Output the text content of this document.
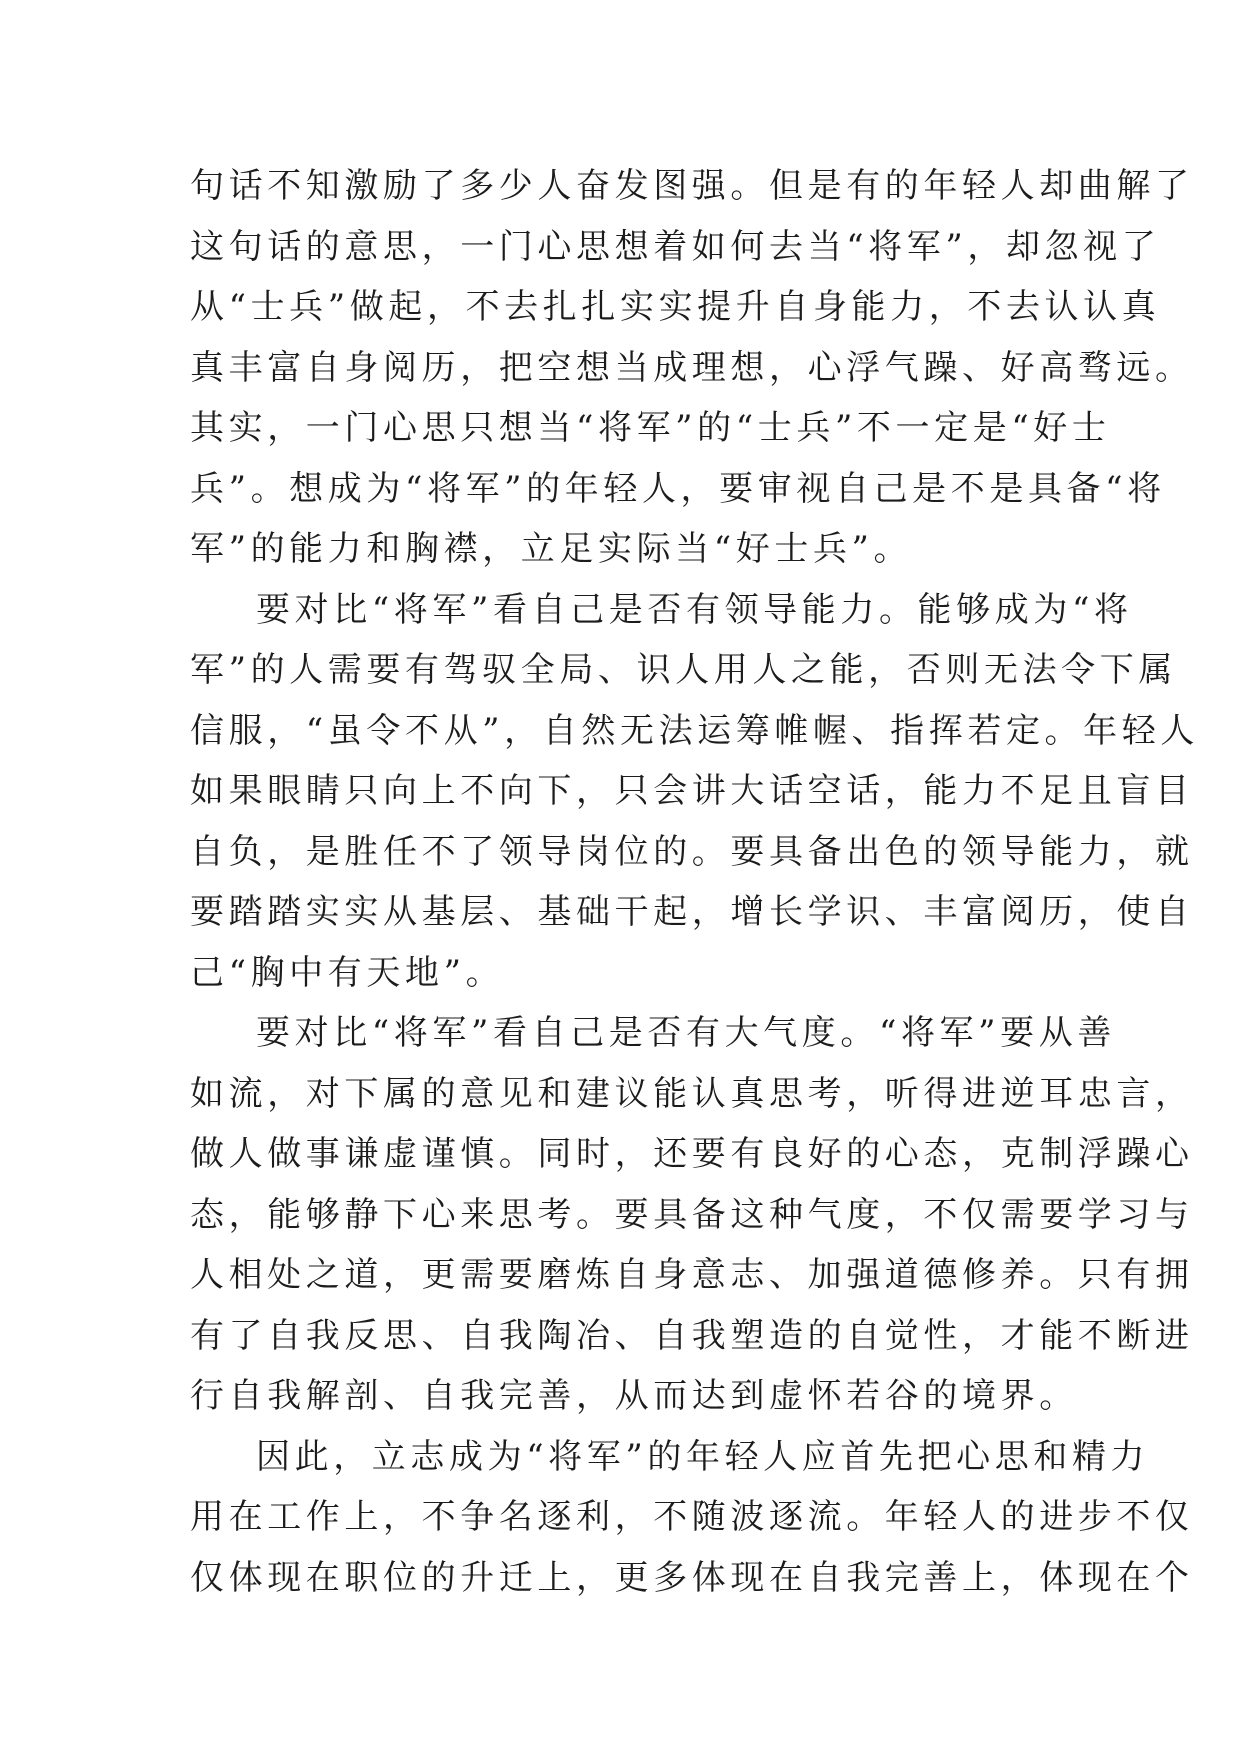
句话不知激励了多少人奋发图强。但是有的年轻人却曲解了
这句话的意思，一门心思想着如何去当“将军”，却忽视了
从“士兵”做起，不去扎扎实实提升自身能力，不去认认真
真丰富自身阅历，把空想当成理想，心浮气躁、好高骛远。
其实，一门心思只想当“将军”的“士兵”不一定是“好士
兵”。想成为“将军”的年轻人，要审视自己是不是具备“将
军”的能力和胸襟，立足实际当“好士兵”。
要对比“将军”看自己是否有领导能力。能够成为“将
军”的人需要有驾驭全局、识人用人之能，否则无法令下属
信服，“虽令不从”，自然无法运筹帷幄、指挥若定。年轻人
如果眼睛只向上不向下，只会讲大话空话，能力不足且盲目
自负，是胜任不了领导岗位的。要具备出色的领导能力，就
要踏踏实实从基层、基础干起，增长学识、丰富阅历，使自
己“胸中有天地”。
要对比“将军”看自己是否有大气度。“将军”要从善
如流，对下属的意见和建议能认真思考，听得进逆耳忠言，
做人做事谦虚谨慎。同时，还要有良好的心态，克制浮躁心
态，能够静下心来思考。要具备这种气度，不仅需要学习与
人相处之道，更需要磨炼自身意志、加强道德修养。只有拥
有了自我反思、自我陶冶、自我塑造的自觉性，才能不断进
行自我解剖、自我完善，从而达到虚怀若谷的境界。
因此，立志成为“将军”的年轻人应首先把心思和精力
用在工作上，不争名逐利，不随波逐流。年轻人的进步不仅
仅体现在职位的升迁上，更多体现在自我完善上，体现在个
